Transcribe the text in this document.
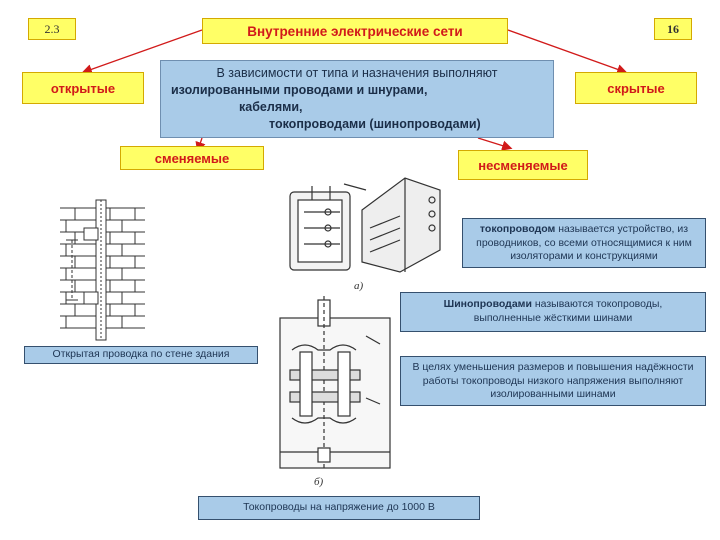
2.3	16
Внутренние электрические сети
открытые	скрытые
сменяемые	несменяемые
В зависимости от типа и назначения выполняют
изолированными проводами и шнурами,
кабелями,
токопроводами (шинопроводами)
токопроводом называется устройство, из проводников, со всеми относящимися к ним изоляторами и конструкциями
Шинопроводами называются токопроводы, выполненные жёсткими шинами
В целях уменьшения размеров и повышения надёжности работы токопроводы низкого напряжения выполняют изолированными шинами
Открытая проводка по стене здания
Токопроводы на напряжение до 1000 В
а)
б)
